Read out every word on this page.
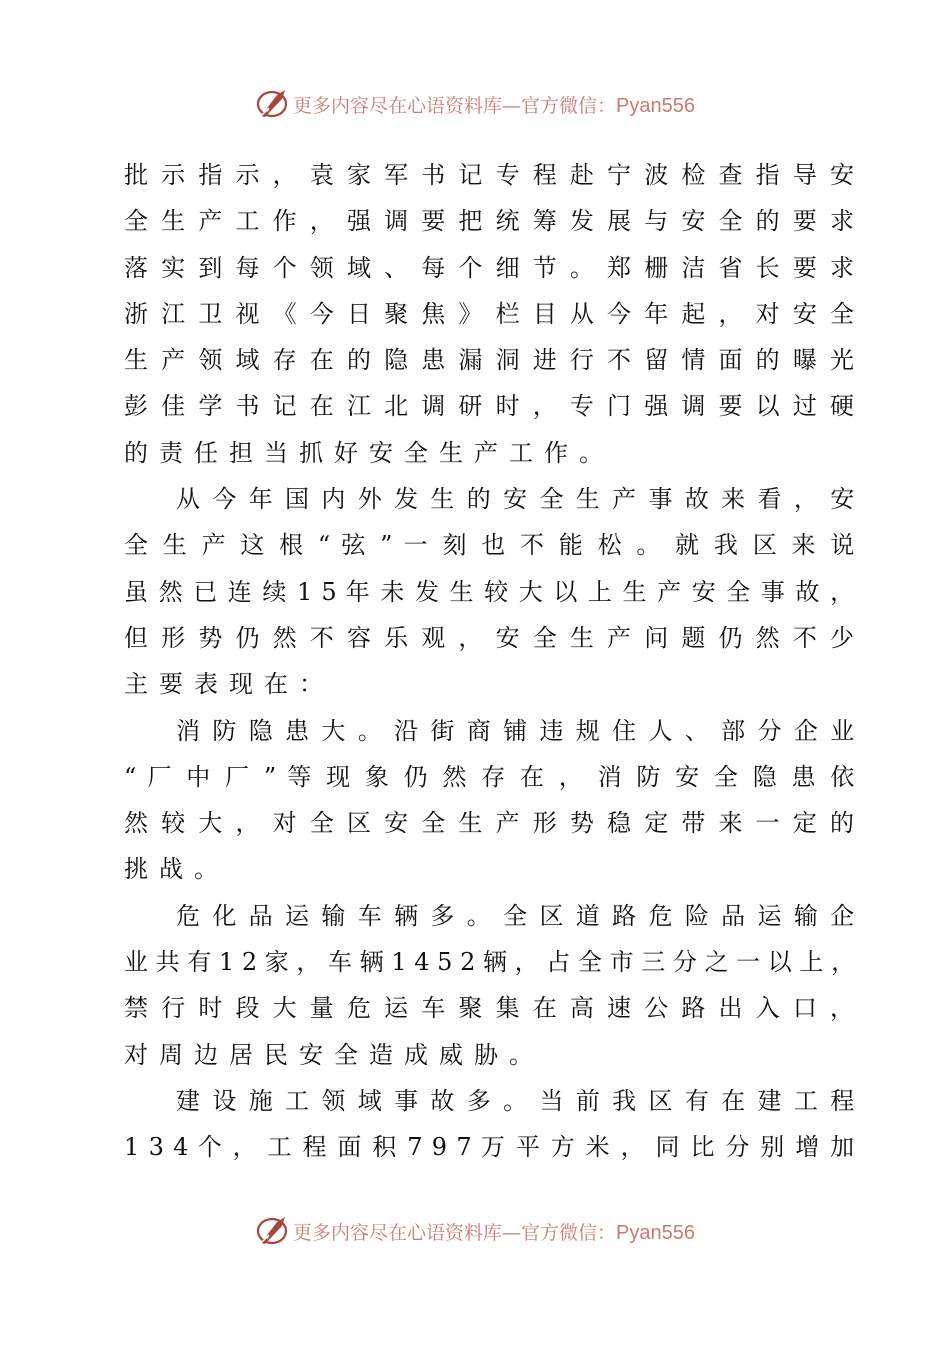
更多内容尽在心语资料库—官方微信：Pyan556
批 示 指 示 ， 袁 家 军 书 记 专 程 赴 宁 波 检 查 指 导 安
全 生 产 工 作 ， 强 调 要 把 统 筹 发 展 与 安 全 的 要 求
落 实 到 每 个 领 域 、 每 个 细 节 。 郑 栅 洁 省 长 要 求
浙 江 卫 视 《 今 日 聚 焦 》 栏 目 从 今 年 起 ， 对 安 全
生 产 领 域 存 在 的 隐 患 漏 洞 进 行 不 留 情 面 的 曝 光
彭 佳 学 书 记 在 江 北 调 研 时 ， 专 门 强 调 要 以 过 硬
的责任担当抓好安全生产工作。
从 今 年 国 内 外 发 生 的 安 全 生 产 事 故 来 看 ， 安
全 生 产 这 根 “ 弦 ” 一 刻 也 不 能 松 。 就 我 区 来 说
虽 然 已 连 续 1 5 年 未 发 生 较 大 以 上 生 产 安 全 事 故 ，
但 形 势 仍 然 不 容 乐 观 ， 安 全 生 产 问 题 仍 然 不 少
主要表现在：
消 防 隐 患 大 。 沿 街 商 铺 违 规 住 人 、 部 分 企 业
“ 厂 中 厂 ” 等 现 象 仍 然 存 在 ， 消 防 安 全 隐 患 依
然 较 大 ， 对 全 区 安 全 生 产 形 势 稳 定 带 来 一 定 的
挑战。
危 化 品 运 输 车 辆 多 。 全 区 道 路 危 险 品 运 输 企
业 共 有 1 2 家 ， 车 辆 1 4 5 2 辆 ， 占 全 市 三 分 之 一 以 上 ，
禁 行 时 段 大 量 危 运 车 聚 集 在 高 速 公 路 出 入 口 ，
对周边居民安全造成威胁。
建 设 施 工 领 域 事 故 多 。 当 前 我 区 有 在 建 工 程
1 3 4 个 ， 工 程 面 积 7 9 7 万 平 方 米 ， 同 比 分 别 增 加
更多内容尽在心语资料库—官方微信：Pyan556
